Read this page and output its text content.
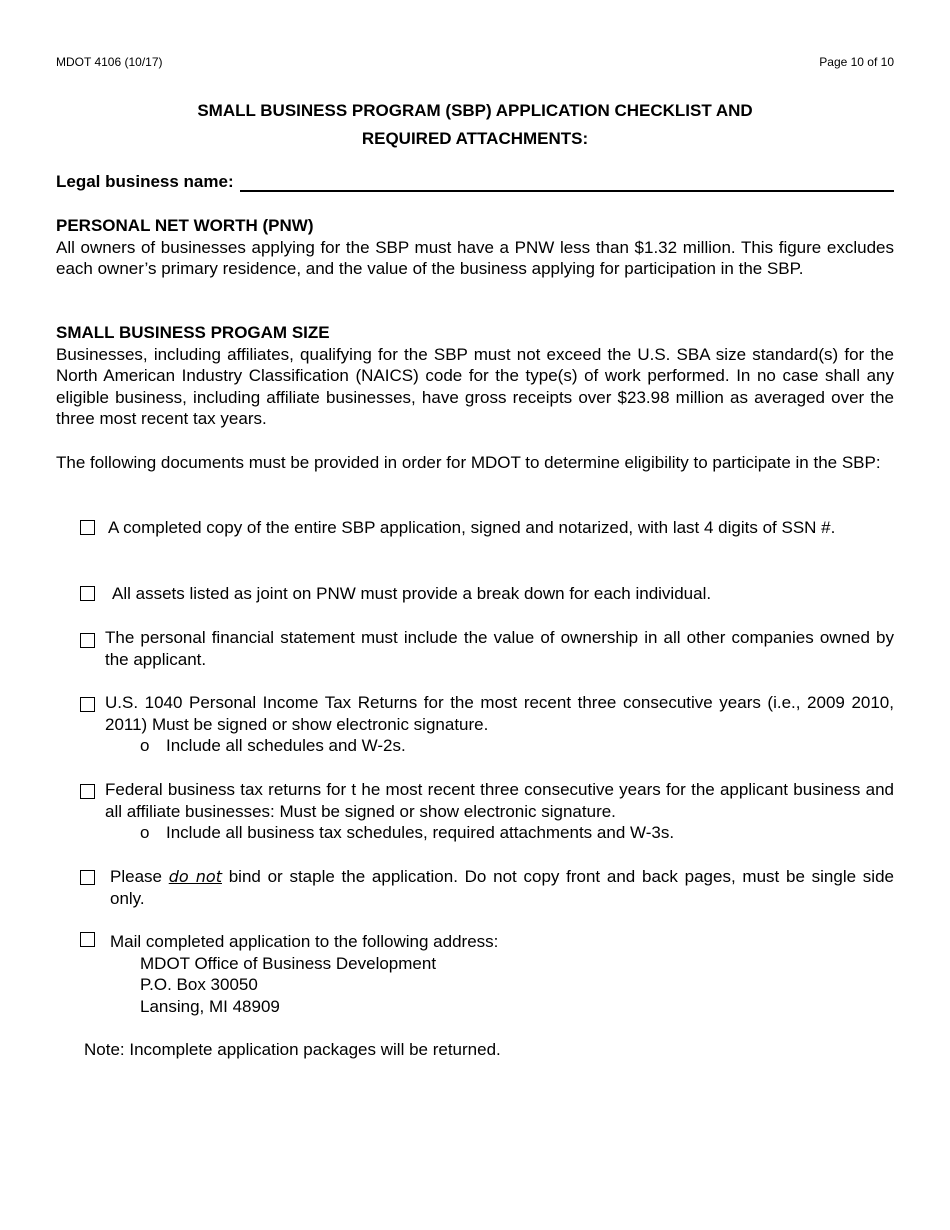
MDOT 4106 (10/17)	Page 10 of 10
SMALL BUSINESS PROGRAM (SBP) APPLICATION CHECKLIST AND
REQUIRED ATTACHMENTS:
Legal business name:
PERSONAL NET WORTH (PNW)

All owners of businesses applying for the SBP must have a PNW less than $1.32 million. This figure excludes each owner’s primary residence, and the value of the business applying for participation in the SBP.

SMALL BUSINESS PROGAM SIZE

Businesses, including affiliates, qualifying for the SBP must not exceed the U.S. SBA size standard(s) for the North American Industry Classification (NAICS) code for the type(s) of work performed. In no case shall any eligible business, including affiliate businesses, have gross receipts over $23.98 million as averaged over the three most recent tax years.

The following documents must be provided in order for MDOT to determine eligibility to participate in the SBP:

A completed copy of the entire SBP application, signed and notarized, with last 4 digits of SSN #.
All assets listed as joint on PNW must provide a break down for each individual.
The personal financial statement must include the value of ownership in all other companies owned by the applicant.
U.S. 1040 Personal Income Tax Returns for the most recent three consecutive years (i.e., 2009 2010, 2011) Must be signed or show electronic signature.
o Include all schedules and W-2s.
Federal business tax returns for t he most recent three consecutive years for the applicant business and all affiliate businesses: Must be signed or show electronic signature.
o Include all business tax schedules, required attachments and W-3s.
Please do not bind or staple the application. Do not copy front and back pages, must be single side only.
Mail completed application to the following address:
MDOT Office of Business Development
P.O. Box 30050
Lansing, MI 48909
Note: Incomplete application packages will be returned.
